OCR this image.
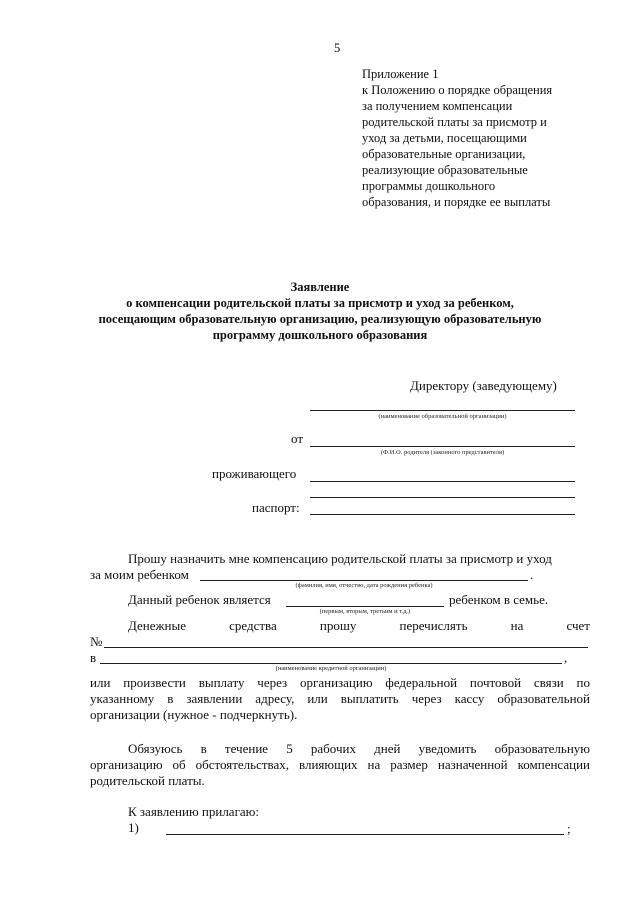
5
Приложение 1
к Положению о порядке обращения
за получением компенсации
родительской платы за присмотр и
уход за детьми, посещающими
образовательные организации,
реализующие образовательные
программы дошкольного
образования, и порядке ее выплаты
Заявление
о компенсации родительской платы за присмотр и уход за ребенком,
посещающим образовательную организацию, реализующую образовательную
программу дошкольного образования
Директору (заведующему)
(наименование образовательной организации)
от
(Ф.И.О. родителя (законного представителя)
проживающего
паспорт:
Прошу назначить мне компенсацию родительской платы за присмотр и уход
за моим ребенком	.
(фамилия, имя, отчество, дата рождения ребенка)
Данный ребенок является	ребенком в семье.
(первым, вторым, третьим и т.д.)
Денежные	средства	прошу	перечислять	на	счет
№
в	,
(наименование кредитной организации)
или произвести выплату через организацию федеральной почтовой связи по
указанному в заявлении адресу, или выплатить через кассу образовательной
организации (нужное - подчеркнуть).
Обязуюсь в течение 5 рабочих дней уведомить образовательную
организацию об обстоятельствах, влияющих на размер назначенной компенсации
родительской платы.
К заявлению прилагаю:
1)	;
